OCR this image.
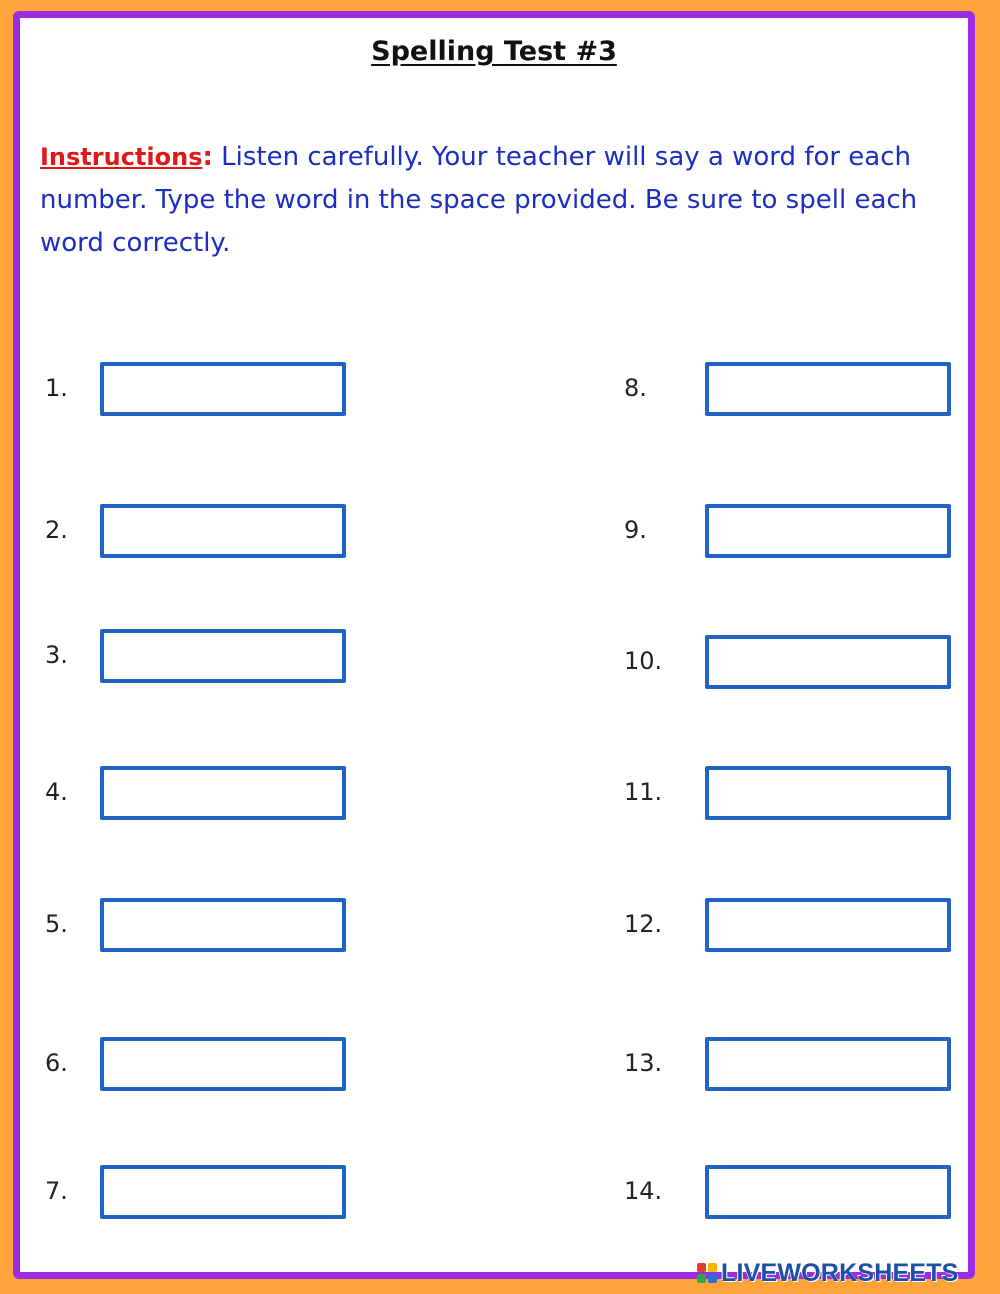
Spelling Test #3

Instructions: Listen carefully. Your teacher will say a word for each number. Type the word in the space provided. Be sure to spell each word correctly.

1.
2.
3.
4.
5.
6.
7.
8.
9.
10.
11.
12.
13.
14.
LIVEWORKSHEETS
